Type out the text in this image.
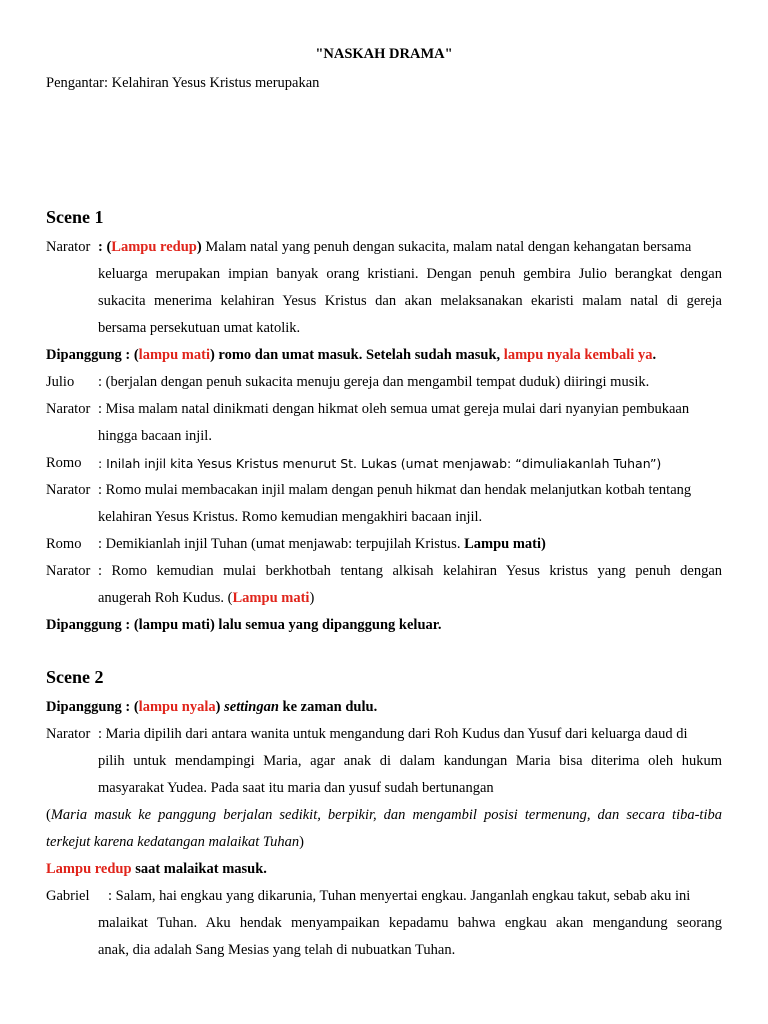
"NASKAH DRAMA"
Pengantar: Kelahiran Yesus Kristus merupakan
Scene 1
Narator : (Lampu redup) Malam natal yang penuh dengan sukacita, malam natal dengan kehangatan bersama
keluarga merupakan impian banyak orang kristiani. Dengan penuh gembira Julio berangkat dengan
sukacita menerima kelahiran Yesus Kristus dan akan melaksanakan ekaristi malam natal di gereja
bersama persekutuan umat katolik.
Dipanggung : (lampu mati) romo dan umat masuk. Setelah sudah masuk, lampu nyala kembali ya.
Julio : (berjalan dengan penuh sukacita menuju gereja dan mengambil tempat duduk) diiringi musik.
Narator : Misa malam natal dinikmati dengan hikmat oleh semua umat gereja mulai dari nyanyian pembukaan
hingga bacaan injil.
Romo : Inilah injil kita Yesus Kristus menurut St. Lukas (umat menjawab: “dimuliakanlah Tuhan”)
Narator : Romo mulai membacakan injil malam dengan penuh hikmat dan hendak melanjutkan kotbah tentang
kelahiran Yesus Kristus. Romo kemudian mengakhiri bacaan injil.
Romo : Demikianlah injil Tuhan (umat menjawab: terpujilah Kristus. Lampu mati)
Narator : Romo kemudian mulai berkhotbah tentang alkisah kelahiran Yesus kristus yang penuh dengan
anugerah Roh Kudus. (Lampu mati)
Dipanggung : (lampu mati) lalu semua yang dipanggung keluar.
Scene 2
Dipanggung : (lampu nyala) settingan ke zaman dulu.
Narator : Maria dipilih dari antara wanita untuk mengandung dari Roh Kudus dan Yusuf dari keluarga daud di
pilih untuk mendampingi Maria, agar anak di dalam kandungan Maria bisa diterima oleh hukum
masyarakat Yudea. Pada saat itu maria dan yusuf sudah bertunangan
(Maria masuk ke panggung berjalan sedikit, berpikir, dan mengambil posisi termenung, dan secara tiba-tiba
terkejut karena kedatangan malaikat Tuhan)
Lampu redup saat malaikat masuk.
Gabriel : Salam, hai engkau yang dikarunia, Tuhan menyertai engkau. Janganlah engkau takut, sebab aku ini
malaikat Tuhan. Aku hendak menyampaikan kepadamu bahwa engkau akan mengandung seorang
anak, dia adalah Sang Mesias yang telah di nubuatkan Tuhan.
